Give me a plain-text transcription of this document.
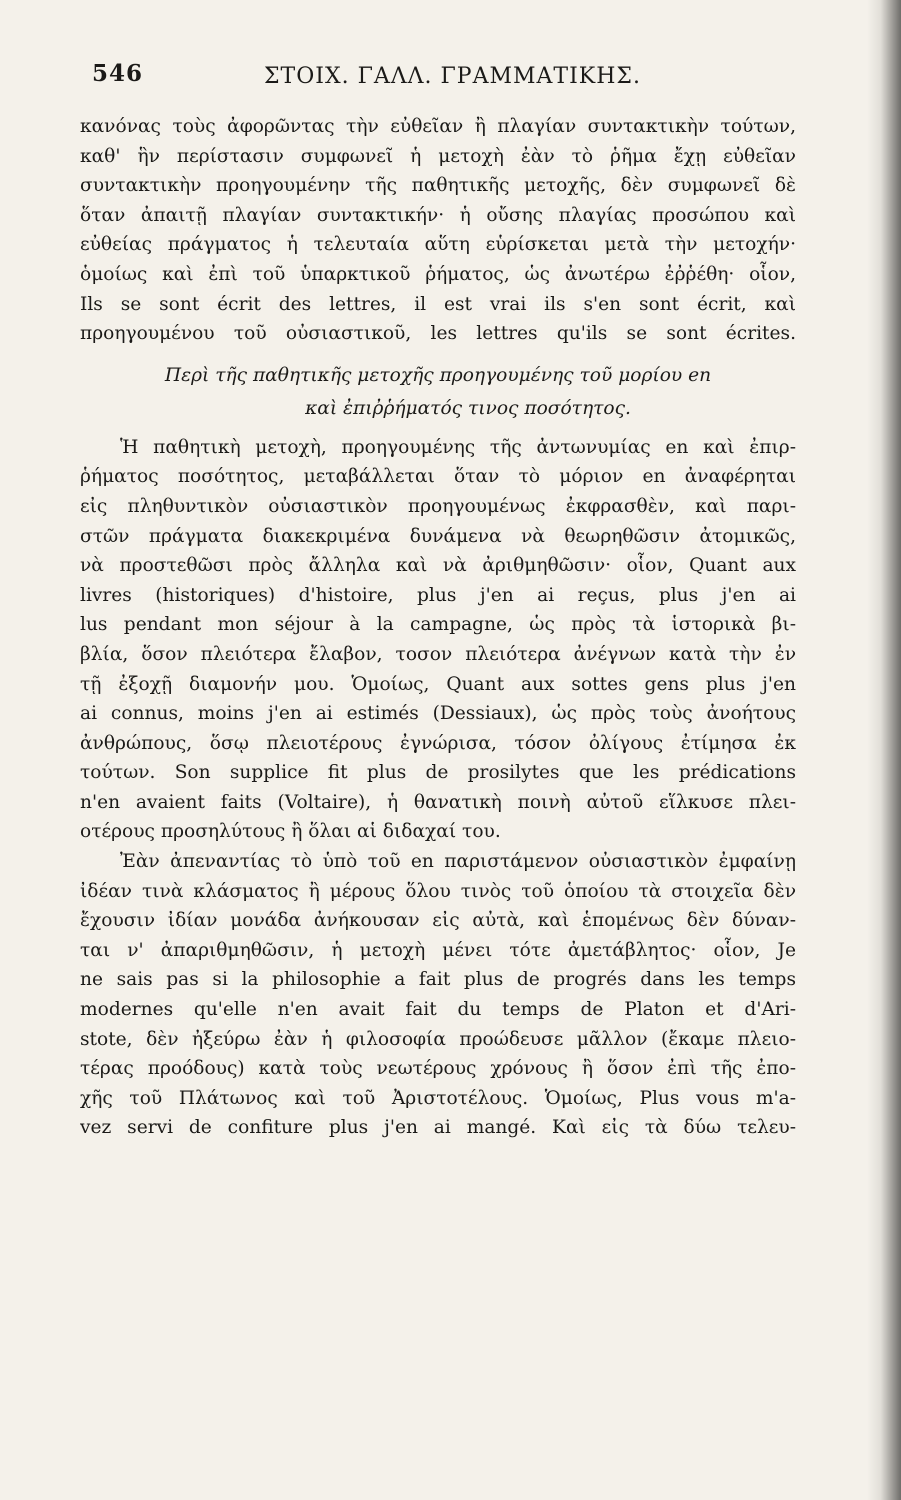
546	ΣΤΟΙΧ. ΓΑΛΛ. ΓΡΑΜΜΑΤΙΚΗΣ.

κανόνας τοὺς ἀφορῶντας τὴν εὐθεῖαν ἢ πλαγίαν συντακτικὴν τούτων,
καθ' ἣν περίστασιν συμφωνεῖ ἡ μετοχὴ ἐὰν τὸ ῥῆμα ἔχῃ εὐθεῖαν
συντακτικὴν προηγουμένην τῆς παθητικῆς μετοχῆς, δὲν συμφωνεῖ δὲ
ὅταν ἀπαιτῇ πλαγίαν συντακτικήν· ἡ οὔσης πλαγίας προσώπου καὶ
εὐθείας πράγματος ἡ τελευταία αὕτη εὑρίσκεται μετὰ τὴν μετοχήν·
ὁμοίως καὶ ἐπὶ τοῦ ὑπαρκτικοῦ ῥήματος, ὡς ἀνωτέρω ἐῤῥέθη· οἷον,
Ils se sont écrit des lettres, il est vrai ils s'en sont écrit, καὶ
προηγουμένου τοῦ οὐσιαστικοῦ, les lettres qu'ils se sont écrites.

Περὶ τῆς παθητικῆς μετοχῆς προηγουμένης τοῦ μορίου en
καὶ ἐπιῤῥήματός τινος ποσότητος.

Ἡ παθητικὴ μετοχὴ, προηγουμένης τῆς ἀντωνυμίας en καὶ ἐπιρ-
ῥήματος ποσότητος, μεταβάλλεται ὅταν τὸ μόριον en ἀναφέρηται
εἰς πληθυντικὸν οὐσιαστικὸν προηγουμένως ἐκφρασθὲν, καὶ παρι-
στῶν πράγματα διακεκριμένα δυνάμενα νὰ θεωρηθῶσιν ἀτομικῶς,
νὰ προστεθῶσι πρὸς ἄλληλα καὶ νὰ ἀριθμηθῶσιν· οἷον, Quant aux
livres (historiques) d'histoire, plus j'en ai reçus, plus j'en ai
lus pendant mon séjour à la campagne, ὡς πρὸς τὰ ἱστορικὰ βι-
βλία, ὅσον πλειότερα ἔλαβον, τοσον πλειότερα ἀνέγνων κατὰ τὴν ἐν
τῇ ἐξοχῇ διαμονήν μου. Ὁμοίως, Quant aux sottes gens plus j'en
ai connus, moins j'en ai estimés (Dessiaux), ὡς πρὸς τοὺς ἀνοήτους
ἀνθρώπους, ὅσῳ πλειοτέρους ἐγνώρισα, τόσον ὀλίγους ἐτίμησα ἐκ
τούτων. Son supplice fit plus de prosilytes que les prédications
n'en avaient faits (Voltaire), ἡ θανατικὴ ποινὴ αὐτοῦ εἵλκυσε πλει-
οτέρους προσηλύτους ἢ ὅλαι αἱ διδαχαί του.

Ἐὰν ἀπεναντίας τὸ ὑπὸ τοῦ en παριστάμενον οὐσιαστικὸν ἐμφαίνῃ
ἰδέαν τινὰ κλάσματος ἢ μέρους ὅλου τινὸς τοῦ ὁποίου τὰ στοιχεῖα δὲν
ἔχουσιν ἰδίαν μονάδα ἀνήκουσαν εἰς αὐτὰ, καὶ ἑπομένως δὲν δύναν-
ται ν' ἀπαριθμηθῶσιν, ἡ μετοχὴ μένει τότε ἀμετάβλητος· οἷον, Je
ne sais pas si la philosophie a fait plus de progrés dans les temps
modernes qu'elle n'en avait fait du temps de Platon et d'Ari-
stote, δὲν ἠξεύρω ἐὰν ἡ φιλοσοφία προώδευσε μᾶλλον (ἔκαμε πλειο-
τέρας προόδους) κατὰ τοὺς νεωτέρους χρόνους ἢ ὅσον ἐπὶ τῆς ἐπο-
χῆς τοῦ Πλάτωνος καὶ τοῦ Ἀριστοτέλους. Ὁμοίως, Plus vous m'a-
vez servi de confiture plus j'en ai mangé. Καὶ εἰς τὰ δύω τελευ-
